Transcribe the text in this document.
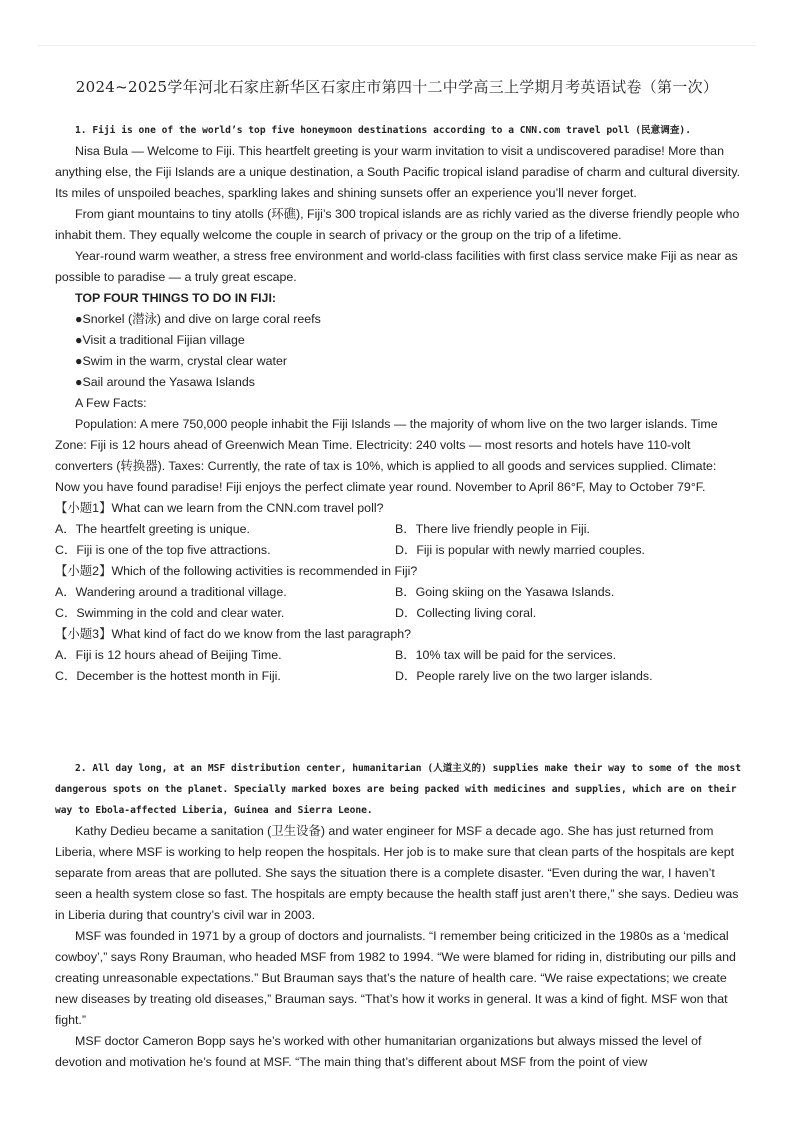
2024~2025学年河北石家庄新华区石家庄市第四十二中学高三上学期月考英语试卷（第一次）
1. Fiji is one of the world’s top five honeymoon destinations according to a CNN.com travel poll (民意调查).

Nisa Bula — Welcome to Fiji. This heartfelt greeting is your warm invitation to visit a undiscovered paradise! More than anything else, the Fiji Islands are a unique destination, a South Pacific tropical island paradise of charm and cultural diversity. Its miles of unspoiled beaches, sparkling lakes and shining sunsets offer an experience you’ll never forget.

From giant mountains to tiny atolls (环礁), Fiji’s 300 tropical islands are as richly varied as the diverse friendly people who inhabit them. They equally welcome the couple in search of privacy or the group on the trip of a lifetime.

Year-round warm weather, a stress free environment and world-class facilities with first class service make Fiji as near as possible to paradise — a truly great escape.

TOP FOUR THINGS TO DO IN FIJI:
●Snorkel (潜泳) and dive on large coral reefs
●Visit a traditional Fijian village
●Swim in the warm, crystal clear water
●Sail around the Yasawa Islands
A Few Facts:

Population: A mere 750,000 people inhabit the Fiji Islands — the majority of whom live on the two larger islands. Time Zone: Fiji is 12 hours ahead of Greenwich Mean Time. Electricity: 240 volts — most resorts and hotels have 110-volt converters (转换器). Taxes: Currently, the rate of tax is 10%, which is applied to all goods and services supplied. Climate: Now you have found paradise! Fiji enjoys the perfect climate year round. November to April 86°F, May to October 79°F.

【小题1】What can we learn from the CNN.com travel poll?
A．The heartfelt greeting is unique.	B．There live friendly people in Fiji.
C．Fiji is one of the top five attractions.	D．Fiji is popular with newly married couples.
【小题2】Which of the following activities is recommended in Fiji?
A．Wandering around a traditional village.	B．Going skiing on the Yasawa Islands.
C．Swimming in the cold and clear water.	D．Collecting living coral.
【小题3】What kind of fact do we know from the last paragraph?
A．Fiji is 12 hours ahead of Beijing Time.	B．10% tax will be paid for the services.
C．December is the hottest month in Fiji.	D．People rarely live on the two larger islands.
2. All day long, at an MSF distribution center, humanitarian (人道主义的) supplies make their way to some of the most dangerous spots on the planet. Specially marked boxes are being packed with medicines and supplies, which are on their way to Ebola-affected Liberia, Guinea and Sierra Leone.

Kathy Dedieu became a sanitation (卫生设备) and water engineer for MSF a decade ago. She has just returned from Liberia, where MSF is working to help reopen the hospitals. Her job is to make sure that clean parts of the hospitals are kept separate from areas that are polluted. She says the situation there is a complete disaster. “Even during the war, I haven’t seen a health system close so fast. The hospitals are empty because the health staff just aren’t there,” she says. Dedieu was in Liberia during that country’s civil war in 2003.

MSF was founded in 1971 by a group of doctors and journalists. “I remember being criticized in the 1980s as a ‘medical cowboy’,” says Rony Brauman, who headed MSF from 1982 to 1994. “We were blamed for riding in, distributing our pills and creating unreasonable expectations.” But Brauman says that’s the nature of health care. “We raise expectations; we create new diseases by treating old diseases,” Brauman says. “That’s how it works in general. It was a kind of fight. MSF won that fight.”

MSF doctor Cameron Bopp says he’s worked with other humanitarian organizations but always missed the level of devotion and motivation he’s found at MSF. “The main thing that’s different about MSF from the point of view
